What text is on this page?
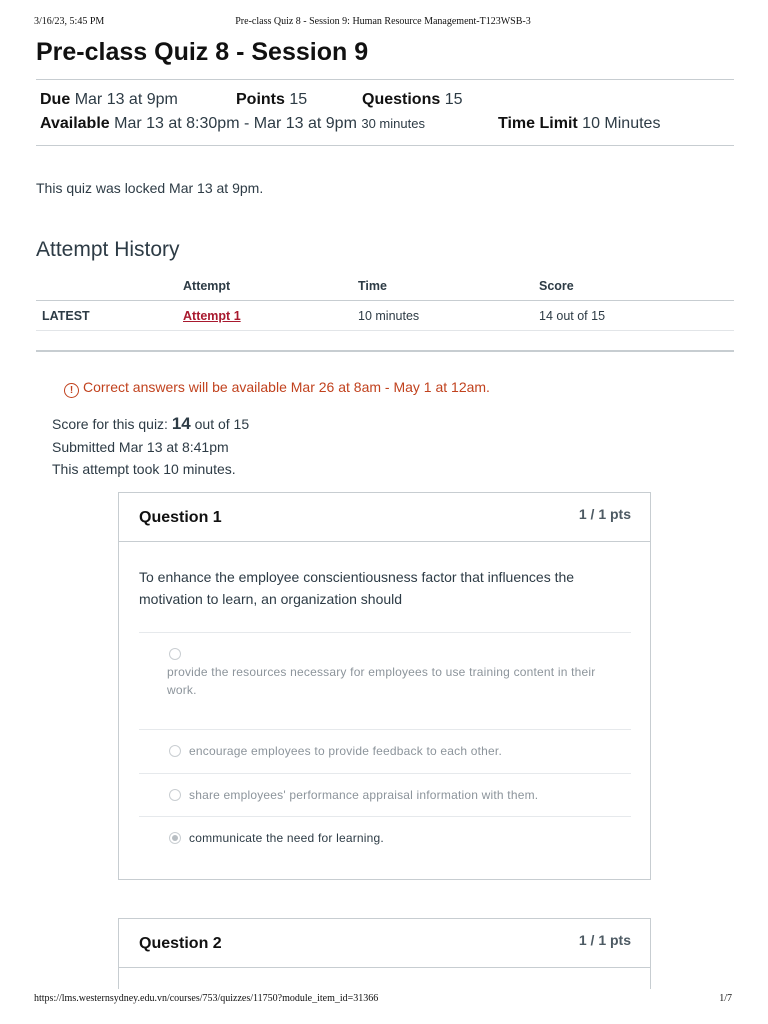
3/16/23, 5:45 PM	Pre-class Quiz 8 - Session 9: Human Resource Management-T123WSB-3
Pre-class Quiz 8 - Session 9
Due Mar 13 at 9pm	Points 15	Questions 15
Available Mar 13 at 8:30pm - Mar 13 at 9pm 30 minutes	Time Limit 10 Minutes
This quiz was locked Mar 13 at 9pm.
Attempt History
	Attempt	Time	Score
LATEST	Attempt 1	10 minutes	14 out of 15
! Correct answers will be available Mar 26 at 8am - May 1 at 12am.
Score for this quiz: 14 out of 15
Submitted Mar 13 at 8:41pm
This attempt took 10 minutes.
Question 1	1 / 1 pts
To enhance the employee conscientiousness factor that influences the motivation to learn, an organization should
provide the resources necessary for employees to use training content in their work.
encourage employees to provide feedback to each other.
share employees' performance appraisal information with them.
communicate the need for learning.
Question 2	1 / 1 pts
https://lms.westernsydney.edu.vn/courses/753/quizzes/11750?module_item_id=31366	1/7
